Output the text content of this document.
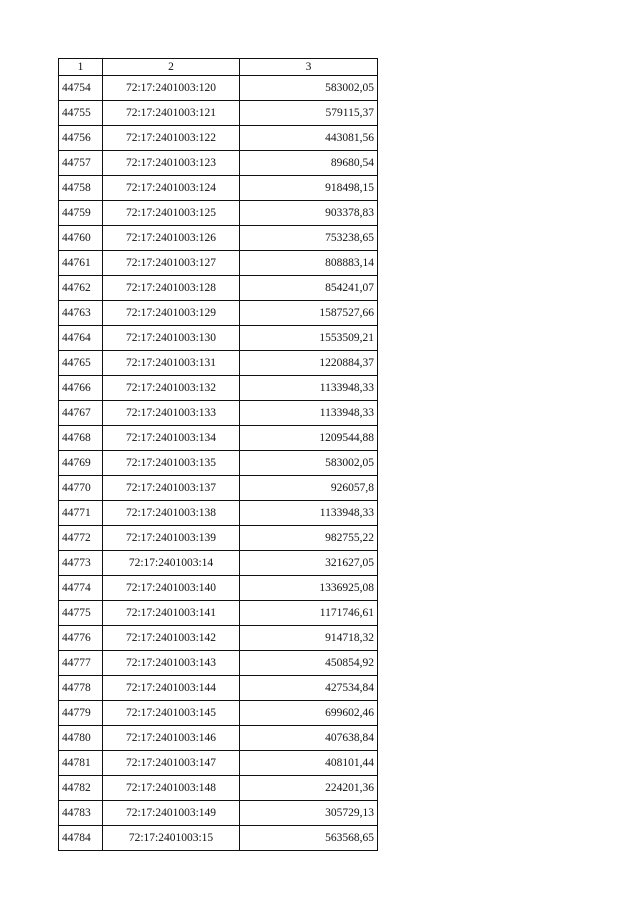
1	2	3
44754	72:17:2401003:120	583002,05
44755	72:17:2401003:121	579115,37
44756	72:17:2401003:122	443081,56
44757	72:17:2401003:123	89680,54
44758	72:17:2401003:124	918498,15
44759	72:17:2401003:125	903378,83
44760	72:17:2401003:126	753238,65
44761	72:17:2401003:127	808883,14
44762	72:17:2401003:128	854241,07
44763	72:17:2401003:129	1587527,66
44764	72:17:2401003:130	1553509,21
44765	72:17:2401003:131	1220884,37
44766	72:17:2401003:132	1133948,33
44767	72:17:2401003:133	1133948,33
44768	72:17:2401003:134	1209544,88
44769	72:17:2401003:135	583002,05
44770	72:17:2401003:137	926057,8
44771	72:17:2401003:138	1133948,33
44772	72:17:2401003:139	982755,22
44773	72:17:2401003:14	321627,05
44774	72:17:2401003:140	1336925,08
44775	72:17:2401003:141	1171746,61
44776	72:17:2401003:142	914718,32
44777	72:17:2401003:143	450854,92
44778	72:17:2401003:144	427534,84
44779	72:17:2401003:145	699602,46
44780	72:17:2401003:146	407638,84
44781	72:17:2401003:147	408101,44
44782	72:17:2401003:148	224201,36
44783	72:17:2401003:149	305729,13
44784	72:17:2401003:15	563568,65
